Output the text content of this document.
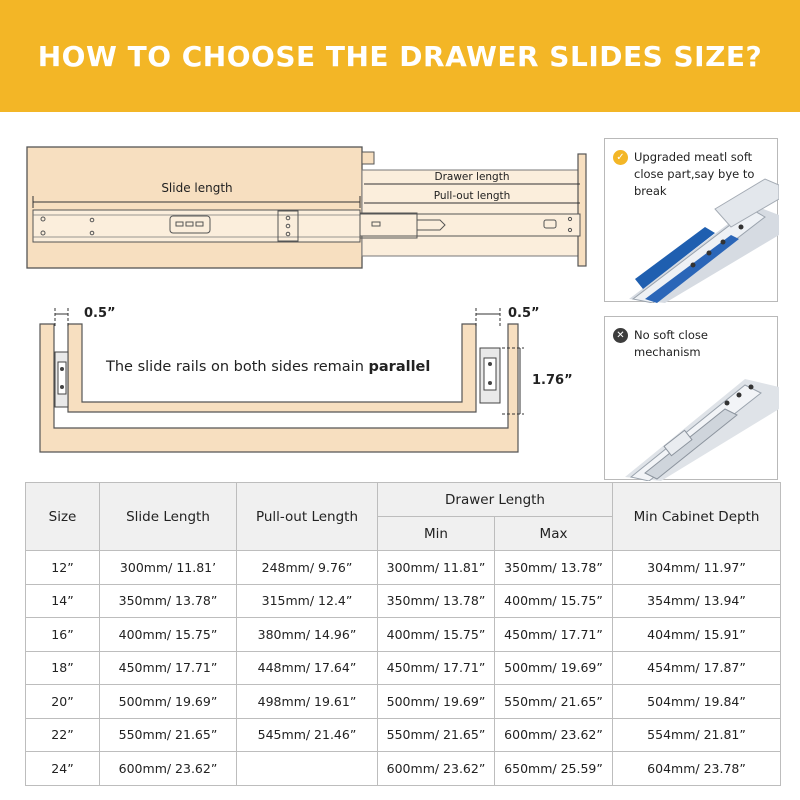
HOW TO CHOOSE THE DRAWER SLIDES SIZE?
Slide length
Drawer length
Pull-out length
0.5”	0.5”
1.76”
The slide rails on both sides remain parallel
✓ Upgraded meatl soft close part,say bye to break
✕ No soft close mechanism
Size	Slide Length	Pull-out Length	Drawer Length		Min Cabinet Depth
			Min	Max	
12”	300mm/ 11.81’	248mm/ 9.76”	300mm/ 11.81”	350mm/ 13.78”	304mm/ 11.97”
14”	350mm/ 13.78”	315mm/ 12.4”	350mm/ 13.78”	400mm/ 15.75”	354mm/ 13.94”
16”	400mm/ 15.75”	380mm/ 14.96”	400mm/ 15.75”	450mm/ 17.71”	404mm/ 15.91”
18”	450mm/ 17.71”	448mm/ 17.64”	450mm/ 17.71”	500mm/ 19.69”	454mm/ 17.87”
20”	500mm/ 19.69”	498mm/ 19.61”	500mm/ 19.69”	550mm/ 21.65”	504mm/ 19.84”
22”	550mm/ 21.65”	545mm/ 21.46”	550mm/ 21.65”	600mm/ 23.62”	554mm/ 21.81”
24”	600mm/ 23.62”		600mm/ 23.62”	650mm/ 25.59”	604mm/ 23.78”
